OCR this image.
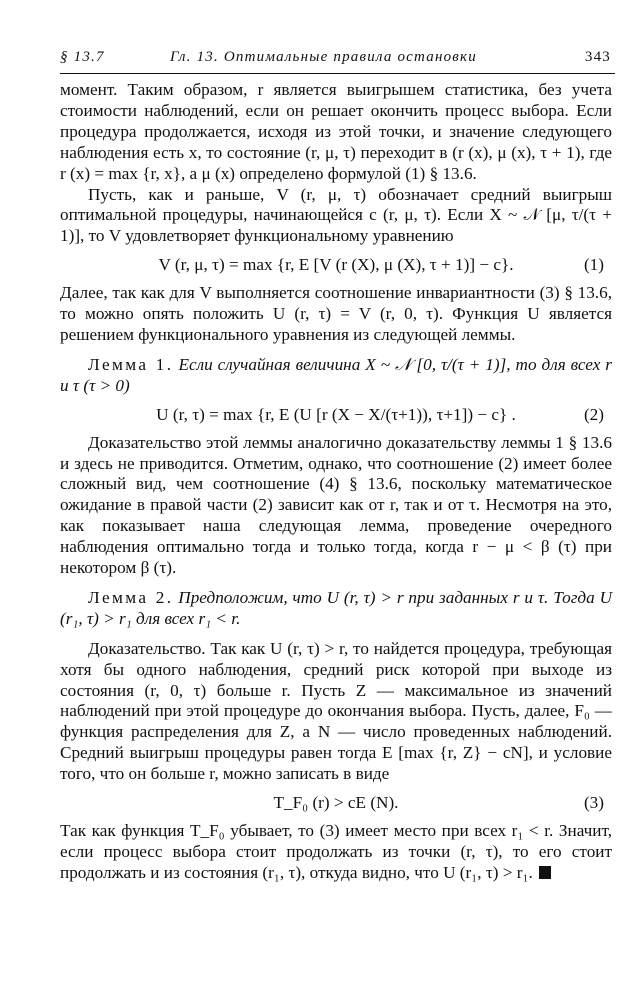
§ 13.7	Гл. 13. Оптимальные правила остановки	343

момент. Таким образом, r является выигрышем статистика, без учета стоимости наблюдений, если он решает окончить процесс выбора. Если процедура продолжается, исходя из этой точки, и значение следующего наблюдения есть x, то состояние (r, μ, τ) переходит в (r (x), μ (x), τ + 1), где r (x) = max {r, x}, а μ (x) определено формулой (1) § 13.6.

Пусть, как и раньше, V (r, μ, τ) обозначает средний выигрыш оптимальной процедуры, начинающейся с (r, μ, τ). Если X ~ 𝒩 [μ, τ/(τ + 1)], то V удовлетворяет функциональному уравнению

V (r, μ, τ) = max {r, E [V (r (X), μ (X), τ + 1)] − c}.	(1)

Далее, так как для V выполняется соотношение инвариантности (3) § 13.6, то можно опять положить U (r, τ) = V (r, 0, τ). Функция U является решением функционального уравнения из следующей леммы.

Лемма 1. Если случайная величина X ~ 𝒩 [0, τ/(τ + 1)], то для всех r и τ (τ > 0)

U (r, τ) = max {r, E (U [r (X − X/(τ+1)), τ+1]) − c} .	(2)

Доказательство этой леммы аналогично доказательству леммы 1 § 13.6 и здесь не приводится. Отметим, однако, что соотношение (2) имеет более сложный вид, чем соотношение (4) § 13.6, поскольку математическое ожидание в правой части (2) зависит как от r, так и от τ. Несмотря на это, как показывает наша следующая лемма, проведение очередного наблюдения оптимально тогда и только тогда, когда r − μ < β (τ) при некотором β (τ).

Лемма 2. Предположим, что U (r, τ) > r при заданных r и τ. Тогда U (r₁, τ) > r₁ для всех r₁ < r.

Доказательство. Так как U (r, τ) > r, то найдется процедура, требующая хотя бы одного наблюдения, средний риск которой при выходе из состояния (r, 0, τ) больше r. Пусть Z — максимальное из значений наблюдений при этой процедуре до окончания выбора. Пусть, далее, F₀ — функция распределения для Z, а N — число проведенных наблюдений. Средний выигрыш процедуры равен тогда E [max {r, Z} − cN], и условие того, что он больше r, можно записать в виде

T_F₀ (r) > cE (N).	(3)

Так как функция T_F₀ убывает, то (3) имеет место при всех r₁ < r. Значит, если процесс выбора стоит продолжать из точки (r, τ), то его стоит продолжать и из состояния (r₁, τ), откуда видно, что U (r₁, τ) > r₁.
